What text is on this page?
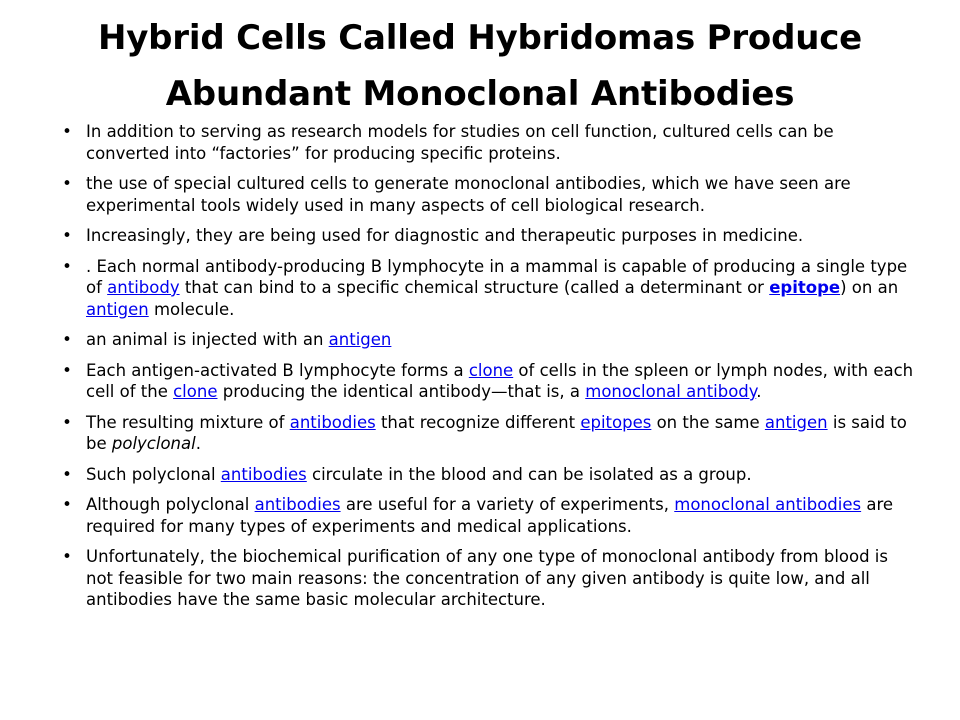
Hybrid Cells Called Hybridomas Produce
Abundant Monoclonal Antibodies
• In addition to serving as research models for studies on cell function, cultured cells can be converted into “factories” for producing specific proteins.
• the use of special cultured cells to generate monoclonal antibodies, which we have seen are experimental tools widely used in many aspects of cell biological research.
• Increasingly, they are being used for diagnostic and therapeutic purposes in medicine.
• . Each normal antibody-producing B lymphocyte in a mammal is capable of producing a single type of antibody that can bind to a specific chemical structure (called a determinant or epitope) on an antigen molecule.
• an animal is injected with an antigen
• Each antigen-activated B lymphocyte forms a clone of cells in the spleen or lymph nodes, with each cell of the clone producing the identical antibody—that is, a monoclonal antibody.
• The resulting mixture of antibodies that recognize different epitopes on the same antigen is said to be polyclonal.
• Such polyclonal antibodies circulate in the blood and can be isolated as a group.
• Although polyclonal antibodies are useful for a variety of experiments, monoclonal antibodies are required for many types of experiments and medical applications.
• Unfortunately, the biochemical purification of any one type of monoclonal antibody from blood is not feasible for two main reasons: the concentration of any given antibody is quite low, and all antibodies have the same basic molecular architecture.
